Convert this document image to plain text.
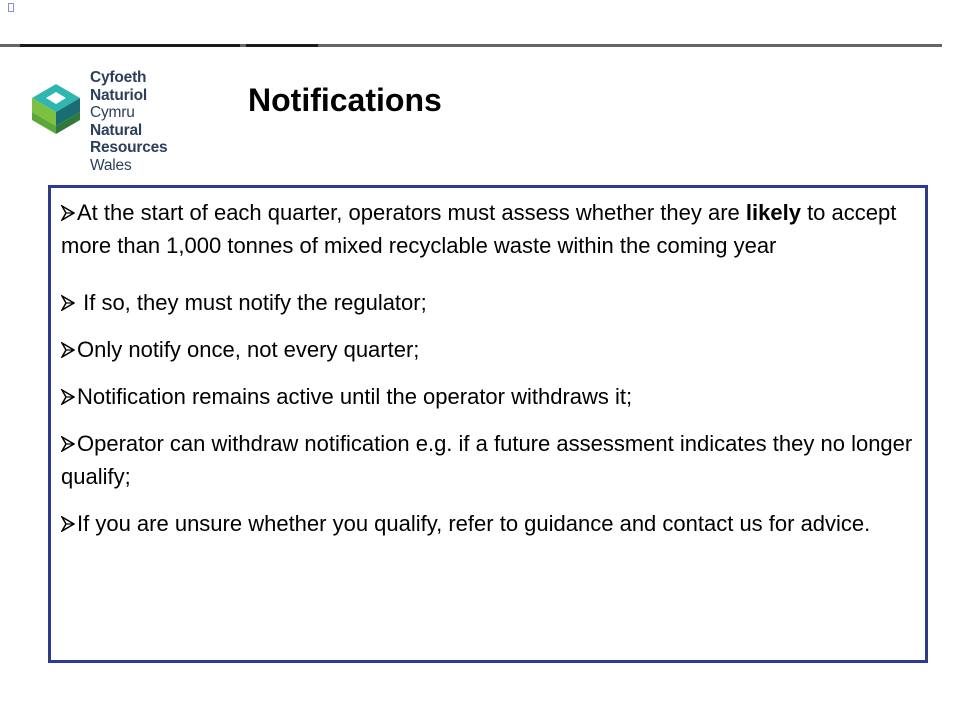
Cyfoeth
Naturiol
Cymru
Natural
Resources
Wales
Notifications

At the start of each quarter, operators must assess whether they are likely to accept more than 1,000 tonnes of mixed recyclable waste within the coming year

If so, they must notify the regulator;

Only notify once, not every quarter;

Notification remains active until the operator withdraws it;

Operator can withdraw notification e.g. if a future assessment indicates they no longer qualify;

If you are unsure whether you qualify, refer to guidance and contact us for advice.
